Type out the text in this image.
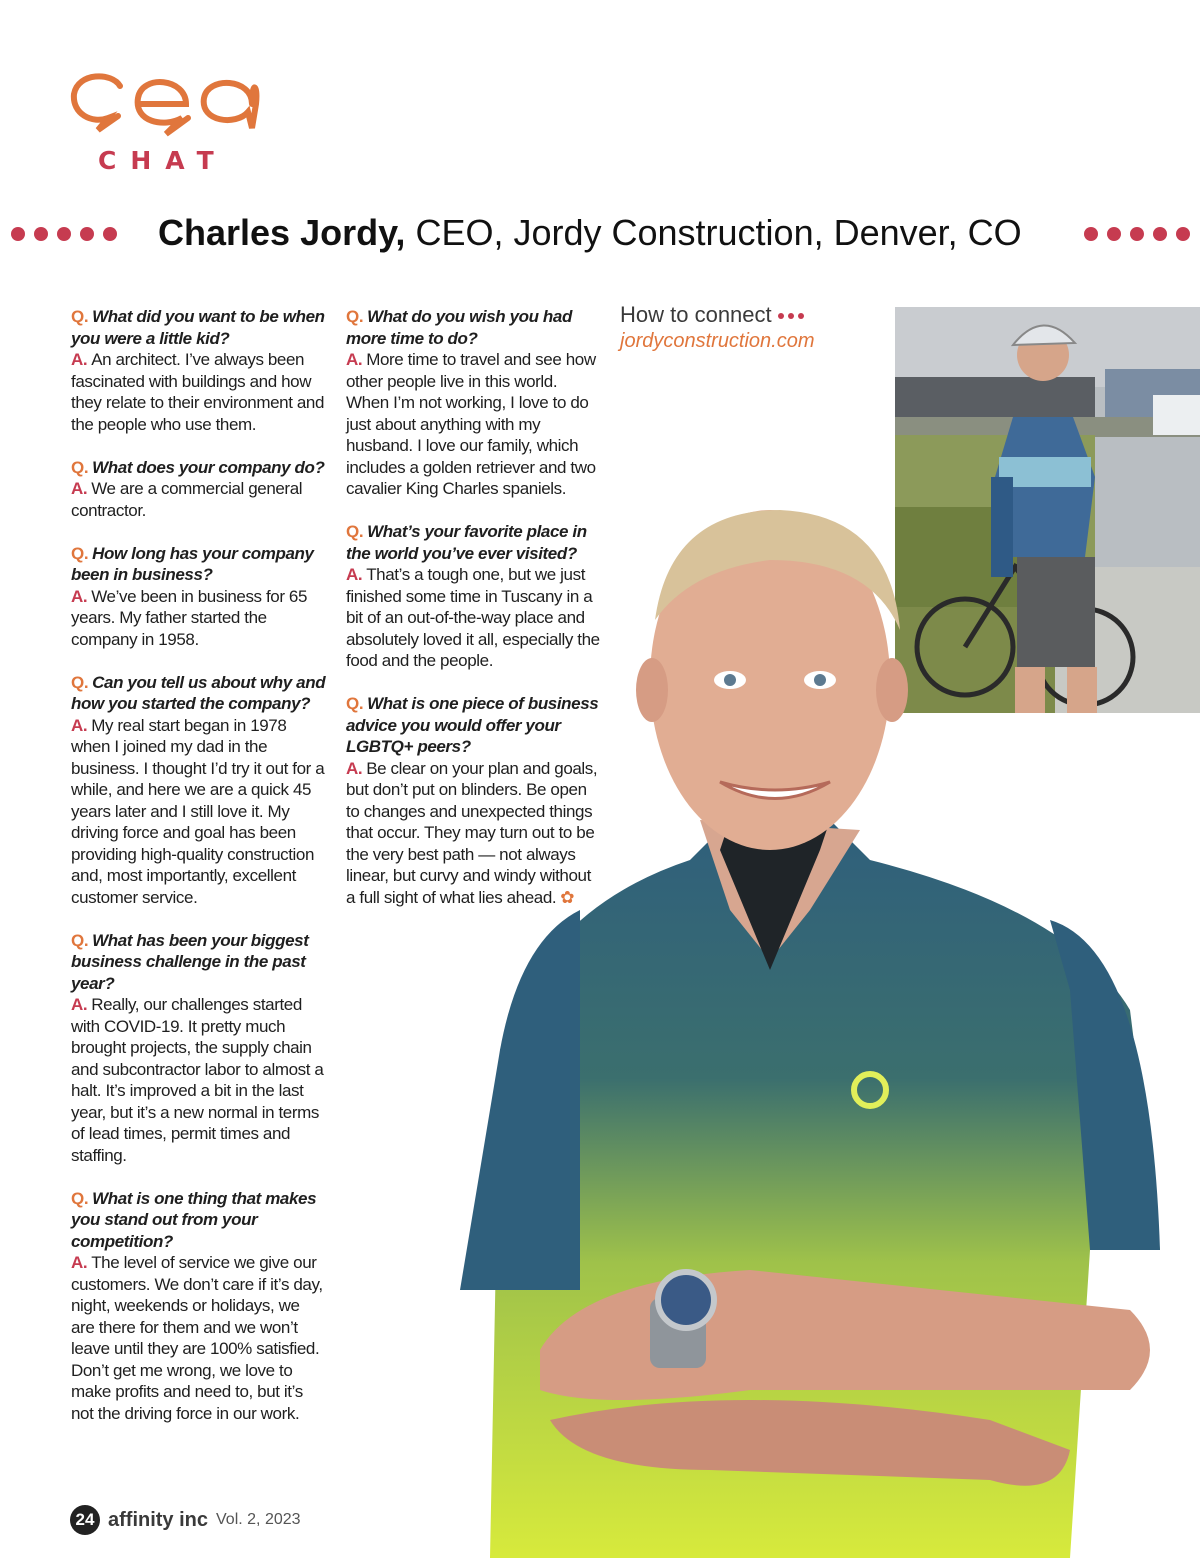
CHAT
Charles Jordy, CEO, Jordy Construction, Denver, CO
Q. What did you want to be when you were a little kid?
A. An architect. I’ve always been fascinated with buildings and how they relate to their environment and the people who use them.
Q. What does your company do?
A. We are a commercial general contractor.
Q. How long has your company been in business?
A. We’ve been in business for 65 years. My father started the company in 1958.
Q. Can you tell us about why and how you started the company?
A. My real start began in 1978 when I joined my dad in the business. I thought I’d try it out for a while, and here we are a quick 45 years later and I still love it. My driving force and goal has been providing high-quality construction and, most importantly, excellent customer service.
Q. What has been your biggest business challenge in the past year?
A. Really, our challenges started with COVID-19. It pretty much brought projects, the supply chain and subcontractor labor to almost a halt. It’s improved a bit in the last year, but it’s a new normal in terms of lead times, permit times and staffing.
Q. What is one thing that makes you stand out from your competition?
A. The level of service we give our customers. We don’t care if it’s day, night, weekends or holidays, we are there for them and we won’t leave until they are 100% satisfied. Don’t get me wrong, we love to make profits and need to, but it’s not the driving force in our work.
Q. What do you wish you had more time to do?
A. More time to travel and see how other people live in this world. When I’m not working, I love to do just about anything with my husband. I love our family, which includes a golden retriever and two cavalier King Charles spaniels.
Q. What’s your favorite place in the world you’ve ever visited?
A. That’s a tough one, but we just finished some time in Tuscany in a bit of an out-of-the-way place and absolutely loved it all, especially the food and the people.
Q. What is one piece of business advice you would offer your LGBTQ+ peers?
A. Be clear on your plan and goals, but don’t put on blinders. Be open to changes and unexpected things that occur. They may turn out to be the very best path — not always linear, but curvy and windy without a full sight of what lies ahead. ✿
How to connect
jordyconstruction.com
24 affinity inc Vol. 2, 2023
